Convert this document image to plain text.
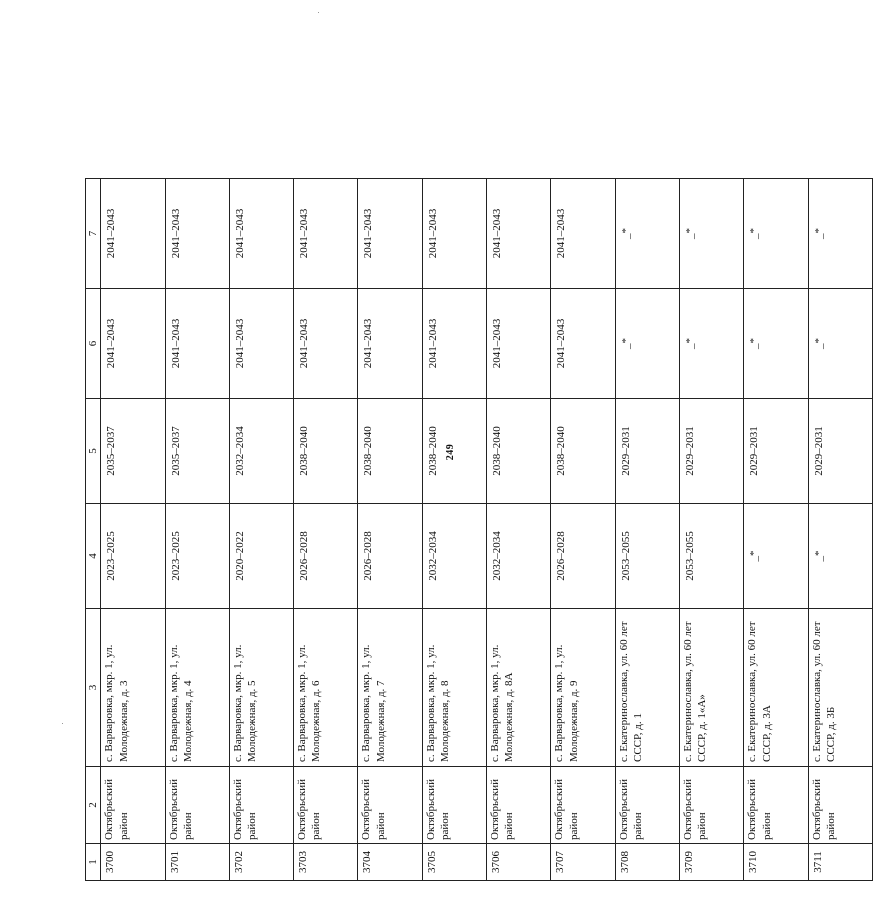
249
1	2	3	4	5	6	7
3700	Октябрьский район	с. Варваровка, мкр. 1, ул. Молодежная, д. 3	2023–2025	2035–2037	2041–2043	2041–2043
3701	Октябрьский район	с. Варваровка, мкр. 1, ул. Молодежная, д. 4	2023–2025	2035–2037	2041–2043	2041–2043
3702	Октябрьский район	с. Варваровка, мкр. 1, ул. Молодежная, д. 5	2020–2022	2032–2034	2041–2043	2041–2043
3703	Октябрьский район	с. Варваровка, мкр. 1, ул. Молодежная, д. 6	2026–2028	2038–2040	2041–2043	2041–2043
3704	Октябрьский район	с. Варваровка, мкр. 1, ул. Молодежная, д. 7	2026–2028	2038–2040	2041–2043	2041–2043
3705	Октябрьский район	с. Варваровка, мкр. 1, ул. Молодежная, д. 8	2032–2034	2038–2040	2041–2043	2041–2043
3706	Октябрьский район	с. Варваровка, мкр. 1, ул. Молодежная, д. 8А	2032–2034	2038–2040	2041–2043	2041–2043
3707	Октябрьский район	с. Варваровка, мкр. 1, ул. Молодежная, д. 9	2026–2028	2038–2040	2041–2043	2041–2043
3708	Октябрьский район	с. Екатеринославка, ул. 60 лет СССР, д. 1	2053–2055	2029–2031	_*	_*
3709	Октябрьский район	с. Екатеринославка, ул. 60 лет СССР, д. 1«А»	2053–2055	2029–2031	_*	_*
3710	Октябрьский район	с. Екатеринославка, ул. 60 лет СССР, д. 3А	_*	2029–2031	_*	_*
3711	Октябрьский район	с. Екатеринославка, ул. 60 лет СССР, д. 3Б	_*	2029–2031	_*	_*
